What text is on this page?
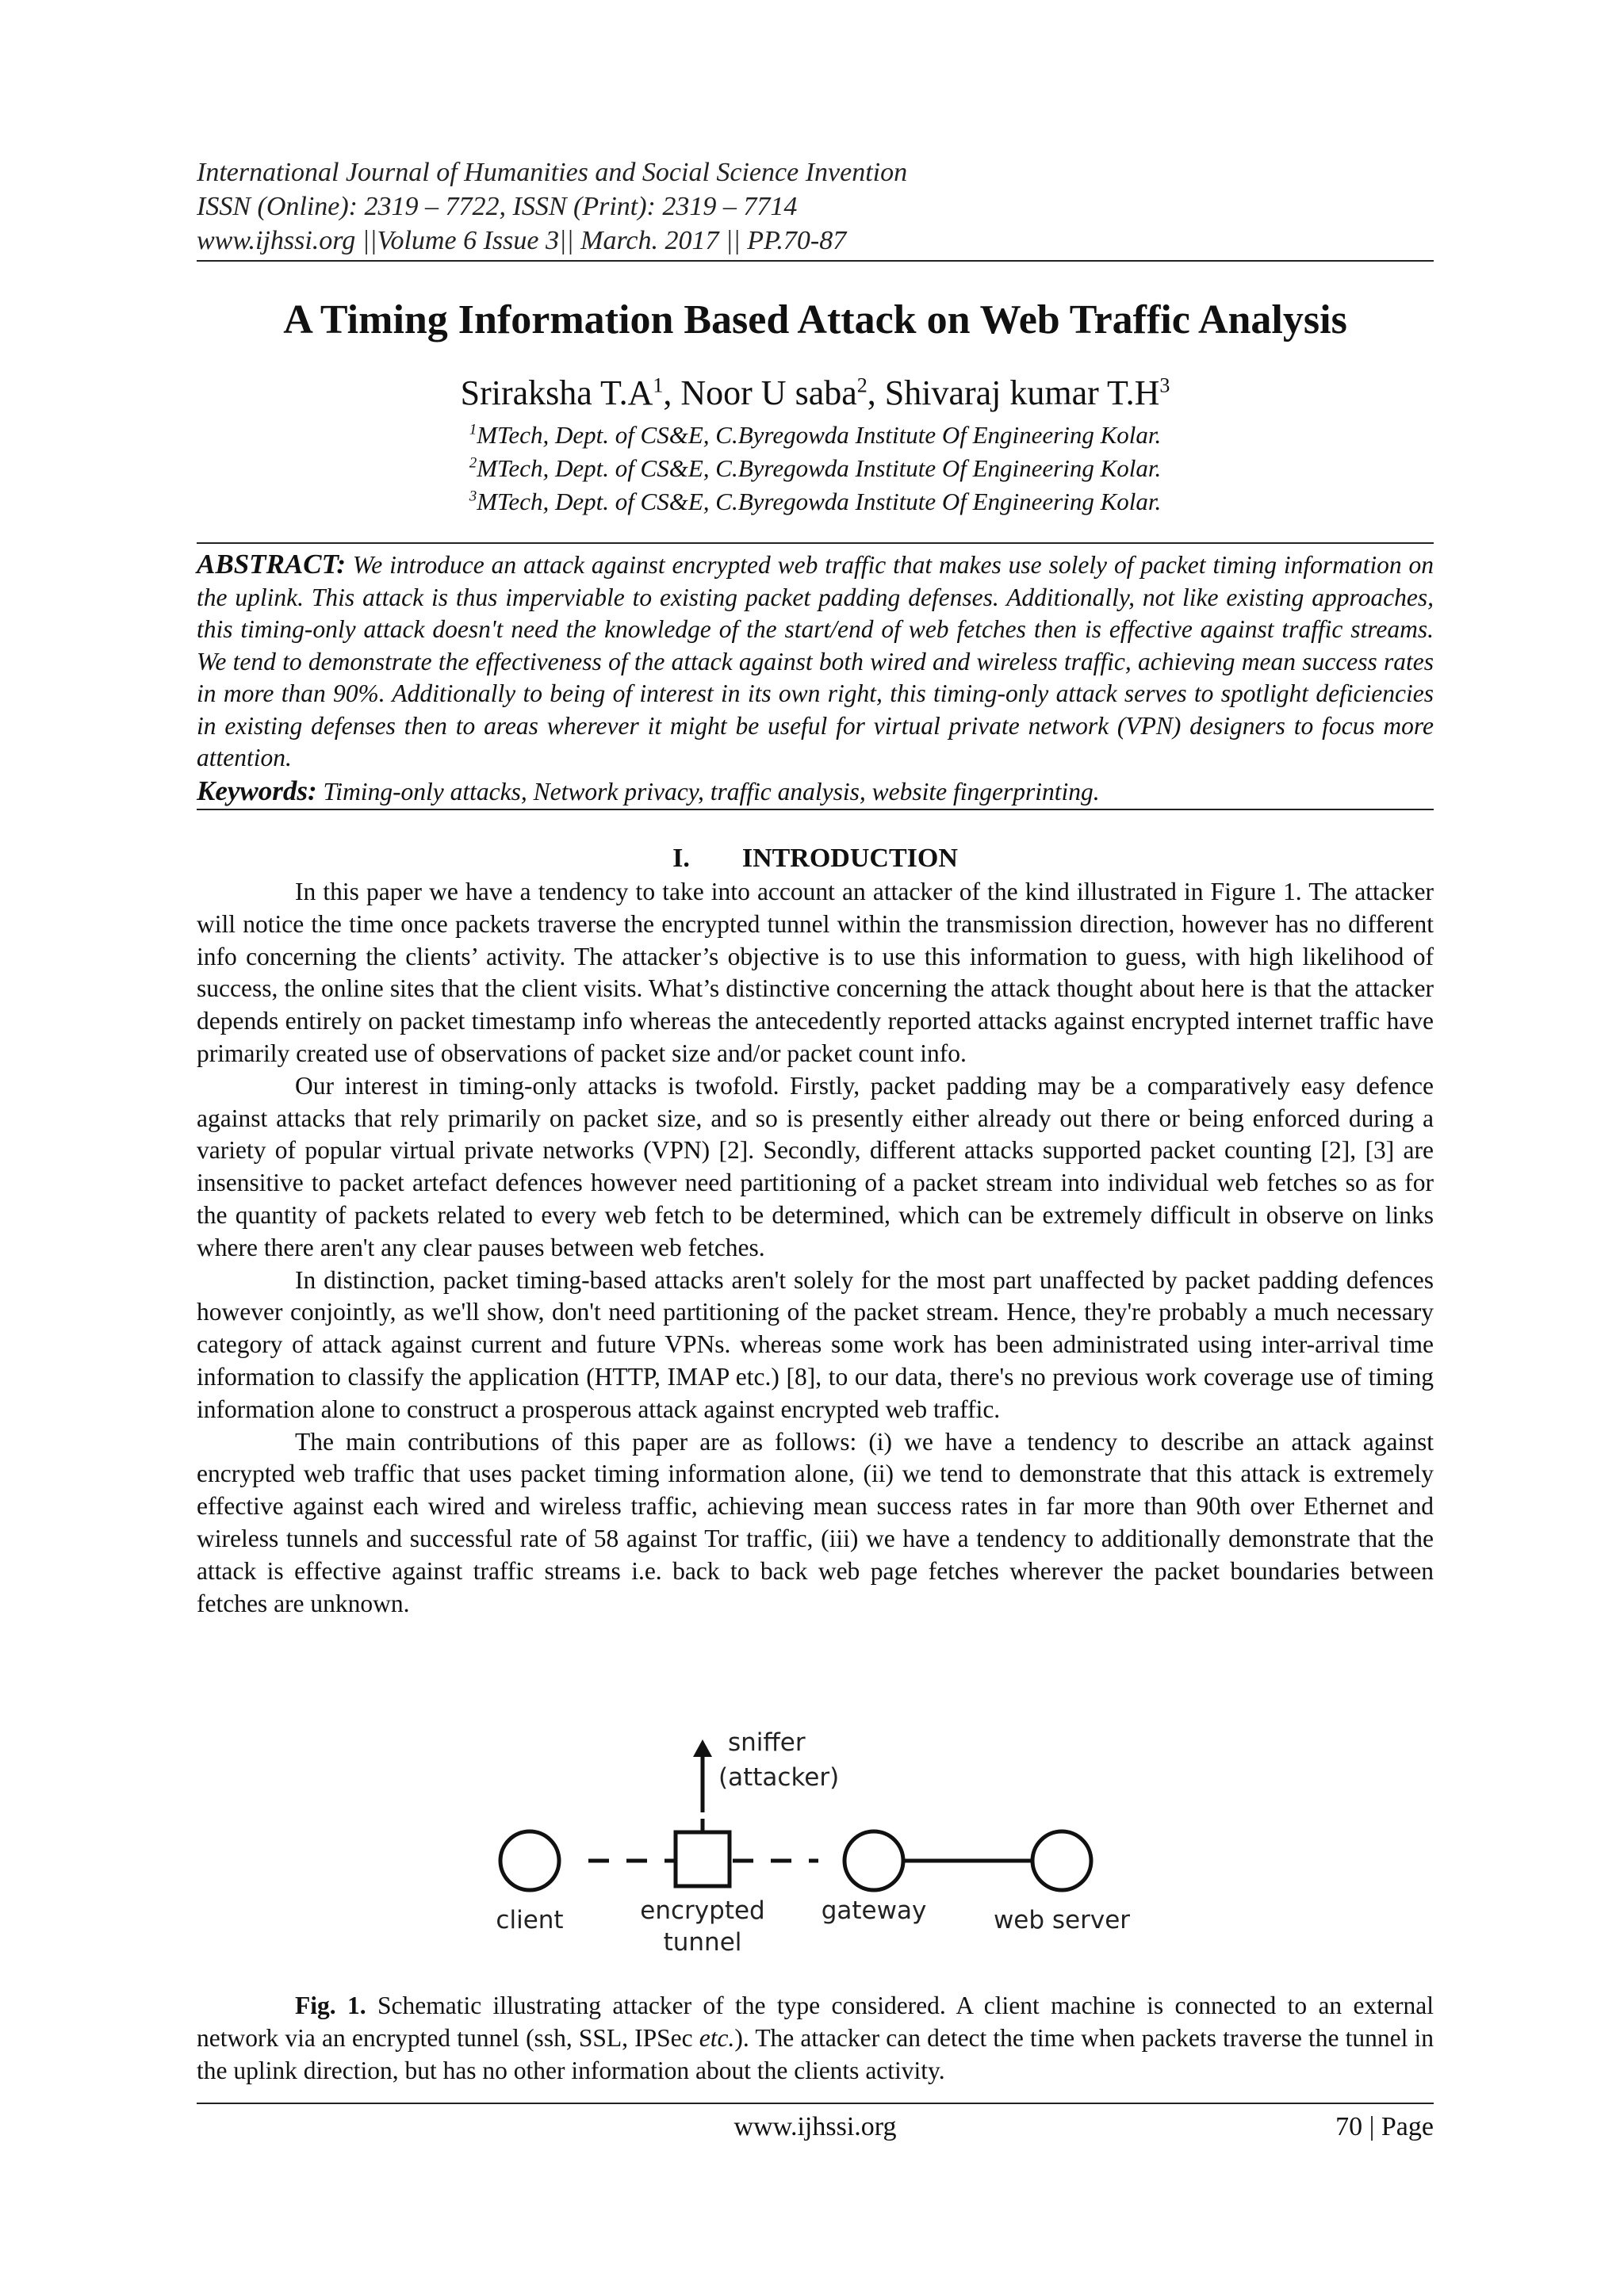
International Journal of Humanities and Social Science Invention
ISSN (Online): 2319 – 7722, ISSN (Print): 2319 – 7714
www.ijhssi.org ||Volume 6 Issue 3|| March. 2017 || PP.70-87
A Timing Information Based Attack on Web Traffic Analysis
Sriraksha $T.A^1$, Noor U saba$^2$, Shivaraj kumar $T.H^3$
$^1$MTech, Dept. of CS&E, C.Byregowda Institute Of Engineering Kolar.
$^2$MTech, Dept. of CS&E, C.Byregowda Institute Of Engineering Kolar.
$^3$MTech, Dept. of CS&E, C.Byregowda Institute Of Engineering Kolar.
ABSTRACT: We introduce an attack against encrypted web traffic that makes use solely of packet timing information on the uplink. This attack is thus imperviable to existing packet padding defenses. Additionally, not like existing approaches, this timing-only attack doesn't need the knowledge of the start/end of web fetches then is effective against traffic streams. We tend to demonstrate the effectiveness of the attack against both wired and wireless traffic, achieving mean success rates in more than 90%. Additionally to being of interest in its own right, this timing-only attack serves to spotlight deficiencies in existing defenses then to areas wherever it might be useful for virtual private network (VPN) designers to focus more attention.
Keywords: Timing-only attacks, Network privacy, traffic analysis, website fingerprinting.
I. INTRODUCTION

In this paper we have a tendency to take into account an attacker of the kind illustrated in Figure 1. The attacker will notice the time once packets traverse the encrypted tunnel within the transmission direction, however has no different info concerning the clients’ activity. The attacker’s objective is to use this information to guess, with high likelihood of success, the online sites that the client visits. What’s distinctive concerning the attack thought about here is that the attacker depends entirely on packet timestamp info whereas the antecedently reported attacks against encrypted internet traffic have primarily created use of observations of packet size and/or packet count info.

Our interest in timing-only attacks is twofold. Firstly, packet padding may be a comparatively easy defence against attacks that rely primarily on packet size, and so is presently either already out there or being enforced during a variety of popular virtual private networks (VPN) [2]. Secondly, different attacks supported packet counting [2], [3] are insensitive to packet artefact defences however need partitioning of a packet stream into individual web fetches so as for the quantity of packets related to every web fetch to be determined, which can be extremely difficult in observe on links where there aren't any clear pauses between web fetches.

In distinction, packet timing-based attacks aren't solely for the most part unaffected by packet padding defences however conjointly, as we'll show, don't need partitioning of the packet stream. Hence, they're probably a much necessary category of attack against current and future VPNs. whereas some work has been administrated using inter-arrival time information to classify the application (HTTP, IMAP etc.) [8], to our data, there's no previous work coverage use of timing information alone to construct a prosperous attack against encrypted web traffic.

The main contributions of this paper are as follows: (i) we have a tendency to describe an attack against encrypted web traffic that uses packet timing information alone, (ii) we tend to demonstrate that this attack is extremely effective against each wired and wireless traffic, achieving mean success rates in far more than 90th over Ethernet and wireless tunnels and successful rate of 58 against Tor traffic, (iii) we have a tendency to additionally demonstrate that the attack is effective against traffic streams i.e. back to back web page fetches wherever the packet boundaries between fetches are unknown.

sniffer
(attacker)
client	encrypted
tunnel
gateway	web server
Fig. 1. Schematic illustrating attacker of the type considered. A client machine is connected to an external network via an encrypted tunnel (ssh, SSL, IPSec etc.). The attacker can detect the time when packets traverse the tunnel in the uplink direction, but has no other information about the clients activity.
www.ijhssi.org	70 | Page
